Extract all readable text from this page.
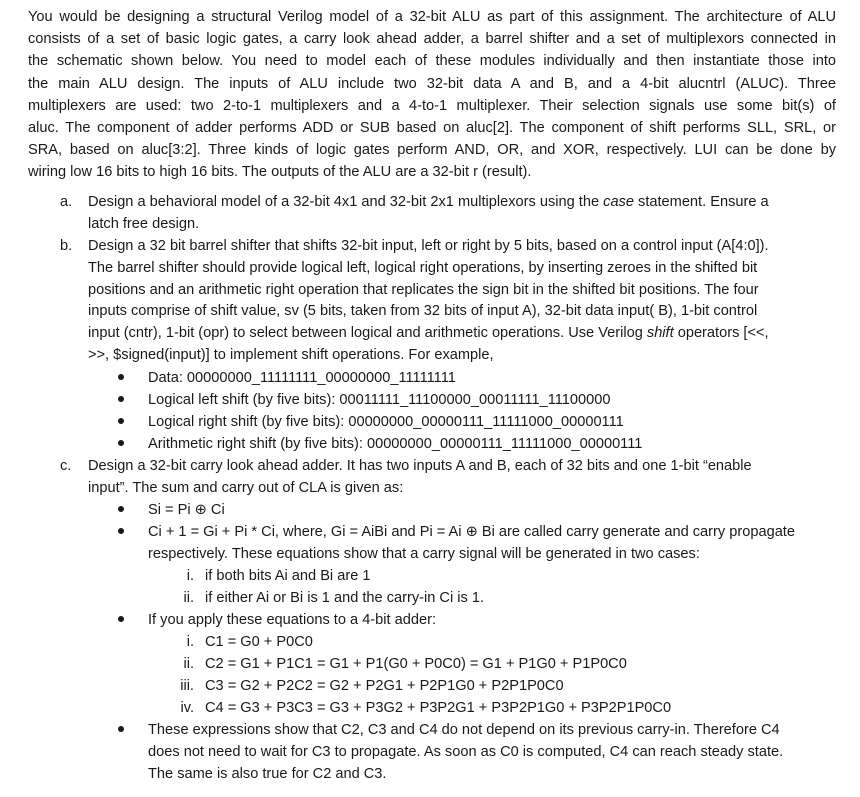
You would be designing a structural Verilog model of a 32-bit ALU as part of this assignment. The architecture of ALU
consists of a set of basic logic gates, a carry look ahead adder, a barrel shifter and a set of multiplexors connected in
the schematic shown below. You need to model each of these modules individually and then instantiate those into
the main ALU design. The inputs of ALU include two 32-bit data A and B, and a 4-bit alucntrl (ALUC). Three
multiplexers are used: two 2-to-1 multiplexers and a 4-to-1 multiplexer. Their selection signals use some bit(s) of
aluc. The component of adder performs ADD or SUB based on aluc[2]. The component of shift performs SLL, SRL, or
SRA, based on aluc[3:2]. Three kinds of logic gates perform AND, OR, and XOR, respectively. LUI can be done by
wiring low 16 bits to high 16 bits. The outputs of the ALU are a 32-bit r (result).
a. Design a behavioral model of a 32-bit 4x1 and 32-bit 2x1 multiplexors using the case statement. Ensure a
latch free design.
b. Design a 32 bit barrel shifter that shifts 32-bit input, left or right by 5 bits, based on a control input (A[4:0]).
The barrel shifter should provide logical left, logical right operations, by inserting zeroes in the shifted bit
positions and an arithmetic right operation that replicates the sign bit in the shifted bit positions. The four
inputs comprise of shift value, sv (5 bits, taken from 32 bits of input A), 32-bit data input( B), 1-bit control
input (cntr), 1-bit (opr) to select between logical and arithmetic operations. Use Verilog shift operators [<<,
>>, $signed(input)] to implement shift operations. For example,
Data: 00000000_11111111_00000000_11111111
Logical left shift (by five bits): 00011111_11100000_00011111_11100000
Logical right shift (by five bits): 00000000_00000111_11111000_00000111
Arithmetic right shift (by five bits): 00000000_00000111_11111000_00000111
c. Design a 32-bit carry look ahead adder. It has two inputs A and B, each of 32 bits and one 1-bit “enable
input”. The sum and carry out of CLA is given as:
Si = Pi ⊕ Ci
Ci + 1 = Gi + Pi * Ci, where, Gi = AiBi and Pi = Ai ⊕ Bi are called carry generate and carry propagate
respectively. These equations show that a carry signal will be generated in two cases:
i. if both bits Ai and Bi are 1
ii. if either Ai or Bi is 1 and the carry-in Ci is 1.
If you apply these equations to a 4-bit adder:
i. C1 = G0 + P0C0
ii. C2 = G1 + P1C1 = G1 + P1(G0 + P0C0) = G1 + P1G0 + P1P0C0
iii. C3 = G2 + P2C2 = G2 + P2G1 + P2P1G0 + P2P1P0C0
iv. C4 = G3 + P3C3 = G3 + P3G2 + P3P2G1 + P3P2P1G0 + P3P2P1P0C0
These expressions show that C2, C3 and C4 do not depend on its previous carry-in. Therefore C4
does not need to wait for C3 to propagate. As soon as C0 is computed, C4 can reach steady state.
The same is also true for C2 and C3.
